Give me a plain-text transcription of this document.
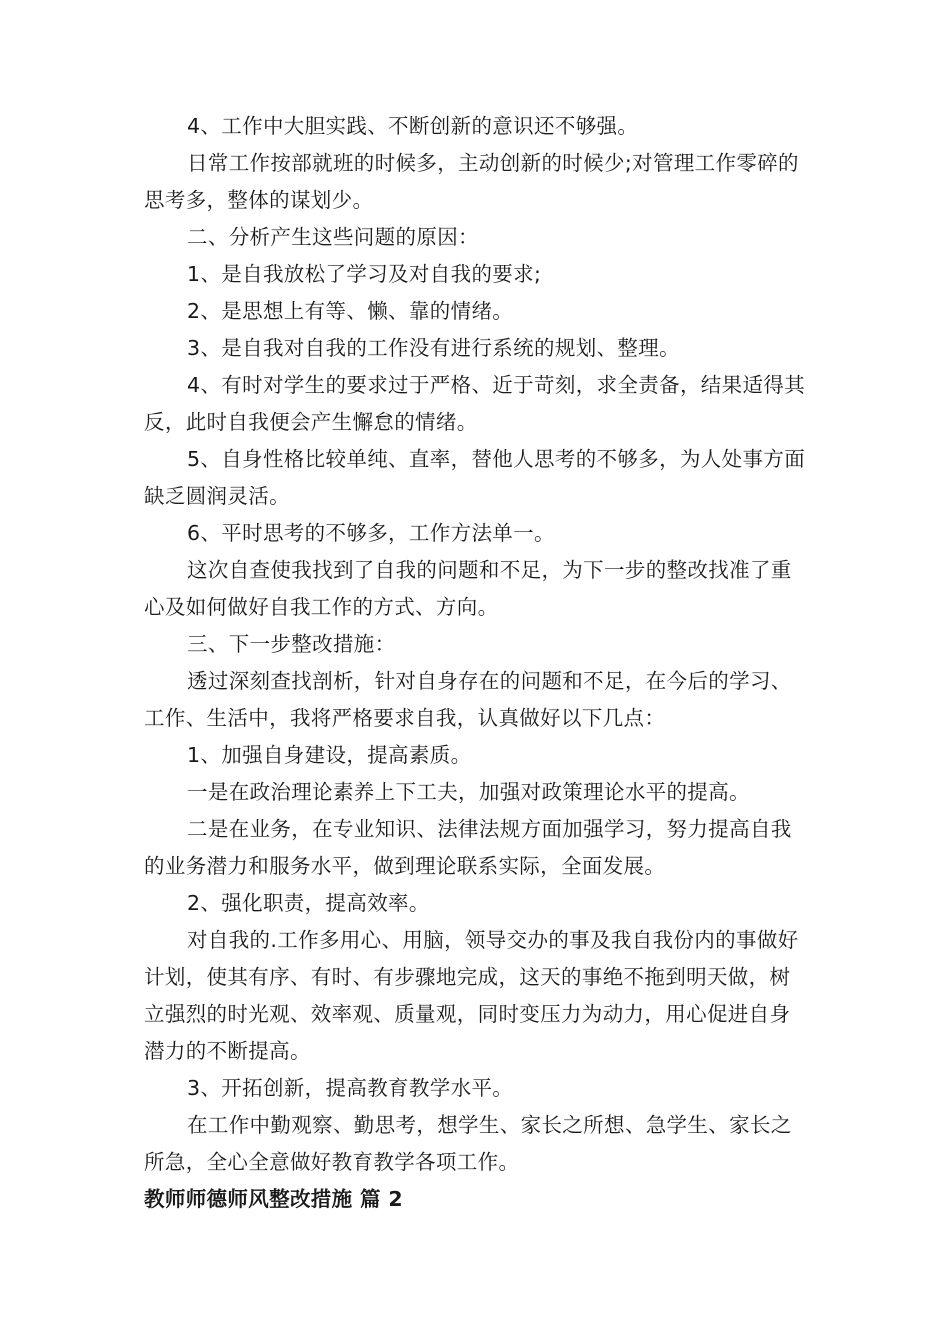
4、工作中大胆实践、不断创新的意识还不够强。

日常工作按部就班的时候多，主动创新的时候少;对管理工作零碎的思考多，整体的谋划少。

二、分析产生这些问题的原因：

1、是自我放松了学习及对自我的要求;

2、是思想上有等、懒、靠的情绪。

3、是自我对自我的工作没有进行系统的规划、整理。

4、有时对学生的要求过于严格、近于苛刻，求全责备，结果适得其反，此时自我便会产生懈怠的情绪。

5、自身性格比较单纯、直率，替他人思考的不够多，为人处事方面缺乏圆润灵活。

6、平时思考的不够多，工作方法单一。

这次自查使我找到了自我的问题和不足，为下一步的整改找准了重心及如何做好自我工作的方式、方向。

三、下一步整改措施：

透过深刻查找剖析，针对自身存在的问题和不足，在今后的学习、工作、生活中，我将严格要求自我，认真做好以下几点：

1、加强自身建设，提高素质。

一是在政治理论素养上下工夫，加强对政策理论水平的提高。

二是在业务，在专业知识、法律法规方面加强学习，努力提高自我的业务潜力和服务水平，做到理论联系实际，全面发展。

2、强化职责，提高效率。

对自我的.工作多用心、用脑，领导交办的事及我自我份内的事做好计划，使其有序、有时、有步骤地完成，这天的事绝不拖到明天做，树立强烈的时光观、效率观、质量观，同时变压力为动力，用心促进自身潜力的不断提高。

3、开拓创新，提高教育教学水平。

在工作中勤观察、勤思考，想学生、家长之所想、急学生、家长之所急，全心全意做好教育教学各项工作。

教师师德师风整改措施 篇 2
